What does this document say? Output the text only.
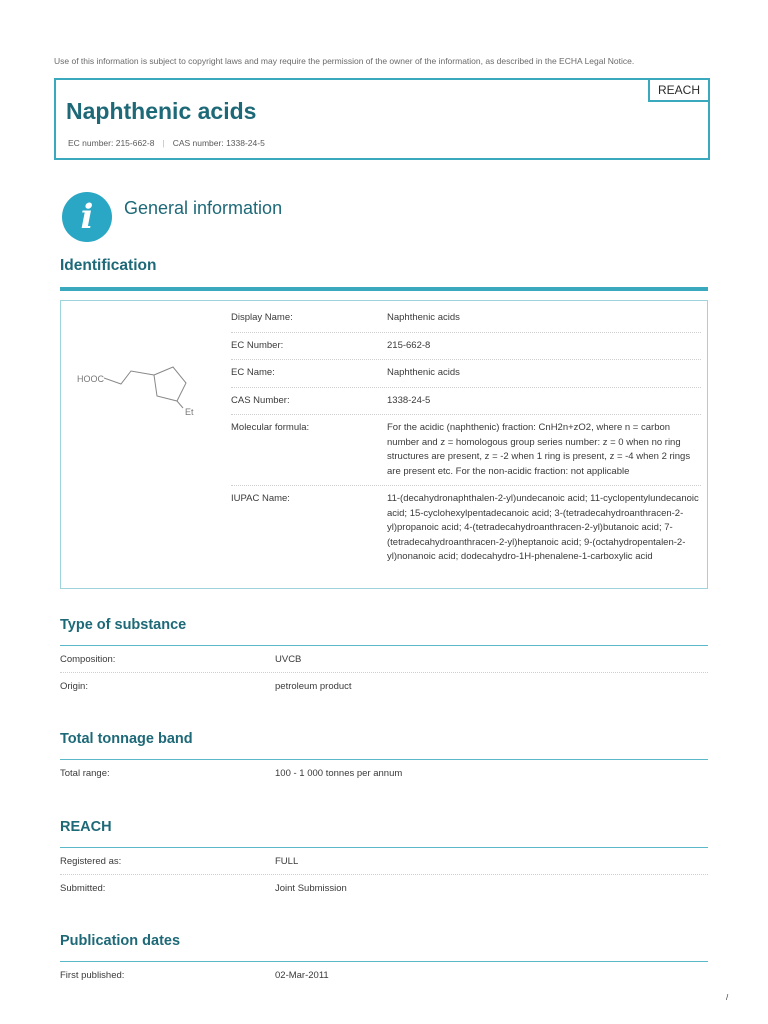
Use of this information is subject to copyright laws and may require the permission of the owner of the information, as described in the ECHA Legal Notice.
REACH
Naphthenic acids
EC number: 215-662-8 | CAS number: 1338-24-5
i	General information
Identification
HOOC
Et
Display Name:	Naphthenic acids
EC Number:	215-662-8
EC Name:	Naphthenic acids
CAS Number:	1338-24-5
Molecular formula:	For the acidic (naphthenic) fraction: CnH2n+zO2, where n = carbon number and z = homologous group series number: z = 0 when no ring structures are present, z = -2 when 1 ring is present, z = -4 when 2 rings are present etc. For the non-acidic fraction: not applicable
IUPAC Name:	11-(decahydronaphthalen-2-yl)undecanoic acid; 11-cyclopentylundecanoic acid; 15-cyclohexylpentadecanoic acid; 3-(tetradecahydroanthracen-2-yl)propanoic acid; 4-(tetradecahydroanthracen-2-yl)butanoic acid; 7-(tetradecahydroanthracen-2-yl)heptanoic acid; 9-(octahydropentalen-2-yl)nonanoic acid; dodecahydro-1H-phenalene-1-carboxylic acid
Type of substance
Composition:	UVCB
Origin:	petroleum product
Total tonnage band
Total range:	100 - 1 000 tonnes per annum
REACH
Registered as:	FULL
Submitted:	Joint Submission
Publication dates
First published:	02-Mar-2011
/
